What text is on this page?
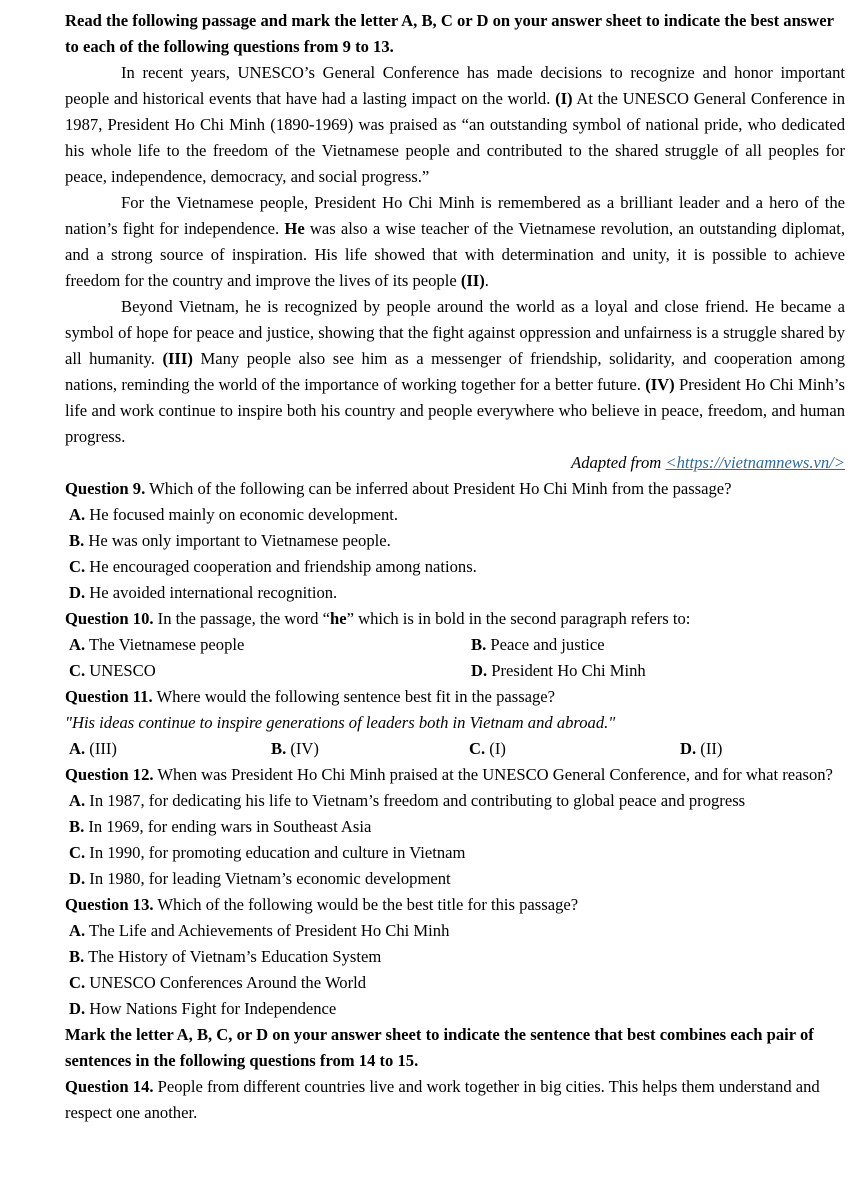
Read the following passage and mark the letter A, B, C or D on your answer sheet to indicate the best answer to each of the following questions from 9 to 13.

In recent years, UNESCO’s General Conference has made decisions to recognize and honor important people and historical events that have had a lasting impact on the world. (I) At the UNESCO General Conference in 1987, President Ho Chi Minh (1890-1969) was praised as “an outstanding symbol of national pride, who dedicated his whole life to the freedom of the Vietnamese people and contributed to the shared struggle of all peoples for peace, independence, democracy, and social progress.”

For the Vietnamese people, President Ho Chi Minh is remembered as a brilliant leader and a hero of the nation’s fight for independence. He was also a wise teacher of the Vietnamese revolution, an outstanding diplomat, and a strong source of inspiration. His life showed that with determination and unity, it is possible to achieve freedom for the country and improve the lives of its people (II).

Beyond Vietnam, he is recognized by people around the world as a loyal and close friend. He became a symbol of hope for peace and justice, showing that the fight against oppression and unfairness is a struggle shared by all humanity. (III) Many people also see him as a messenger of friendship, solidarity, and cooperation among nations, reminding the world of the importance of working together for a better future. (IV) President Ho Chi Minh’s life and work continue to inspire both his country and people everywhere who believe in peace, freedom, and human progress.

Adapted from <https://vietnamnews.vn/>

Question 9. Which of the following can be inferred about President Ho Chi Minh from the passage?

A. He focused mainly on economic development.

B. He was only important to Vietnamese people.

C. He encouraged cooperation and friendship among nations.

D. He avoided international recognition.

Question 10. In the passage, the word “he” which is in bold in the second paragraph refers to:

A. The Vietnamese people	B. Peace and justice

C. UNESCO	D. President Ho Chi Minh

Question 11. Where would the following sentence best fit in the passage?

"His ideas continue to inspire generations of leaders both in Vietnam and abroad."

A. (III)	B. (IV)	C. (I)	D. (II)

Question 12. When was President Ho Chi Minh praised at the UNESCO General Conference, and for what reason?

A. In 1987, for dedicating his life to Vietnam’s freedom and contributing to global peace and progress

B. In 1969, for ending wars in Southeast Asia

C. In 1990, for promoting education and culture in Vietnam

D. In 1980, for leading Vietnam’s economic development

Question 13. Which of the following would be the best title for this passage?

A. The Life and Achievements of President Ho Chi Minh

B. The History of Vietnam’s Education System

C. UNESCO Conferences Around the World

D. How Nations Fight for Independence

Mark the letter A, B, C, or D on your answer sheet to indicate the sentence that best combines each pair of sentences in the following questions from 14 to 15.

Question 14. People from different countries live and work together in big cities. This helps them understand and respect one another.
